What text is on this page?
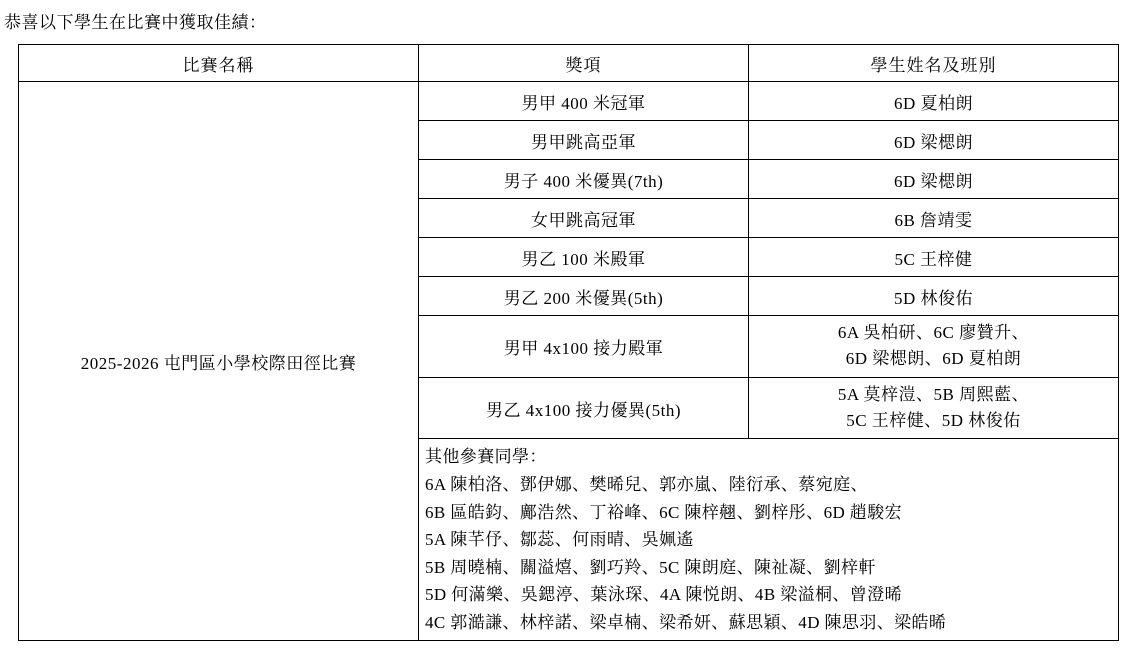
恭喜以下學生在比賽中獲取佳績：
比賽名稱	獎項	學生姓名及班別
2025-2026 屯門區小學校際田徑比賽	男甲 400 米冠軍	6D 夏柏朗
	男甲跳高亞軍	6D 梁楒朗
	男子 400 米優異(7th)	6D 梁楒朗
	女甲跳高冠軍	6B 詹靖雯
	男乙 100 米殿軍	5C 王梓健
	男乙 200 米優異(5th)	5D 林俊佑
	男甲 4x100 接力殿軍	6A 吳柏研、6C 廖贊升、
6D 梁楒朗、6D 夏柏朗

	男乙 4x100 接力優異(5th)	5A 莫梓溰、5B 周熙藍、
5C 王梓健、5D 林俊佑

其他參賽同學：
6A 陳柏洛、鄧伊娜、樊晞兒、郭亦嵐、陸衍承、蔡宛庭、
6B 區皓鈞、鄺浩然、丁裕峰、6C 陳梓翹、劉梓彤、6D 趙駿宏
5A 陳芊伃、鄒蕊、何雨晴、吳姵遙
5B 周曉楠、關溢熺、劉巧羚、5C 陳朗庭、陳祉凝、劉梓軒
5D 何滿樂、吳鍶渟、葉泳琛、4A 陳悦朗、4B 梁溢桐、曾澄晞
4C 郭澔謙、林梓諾、梁卓楠、梁希妍、蘇思穎、4D 陳思羽、梁皓晞
